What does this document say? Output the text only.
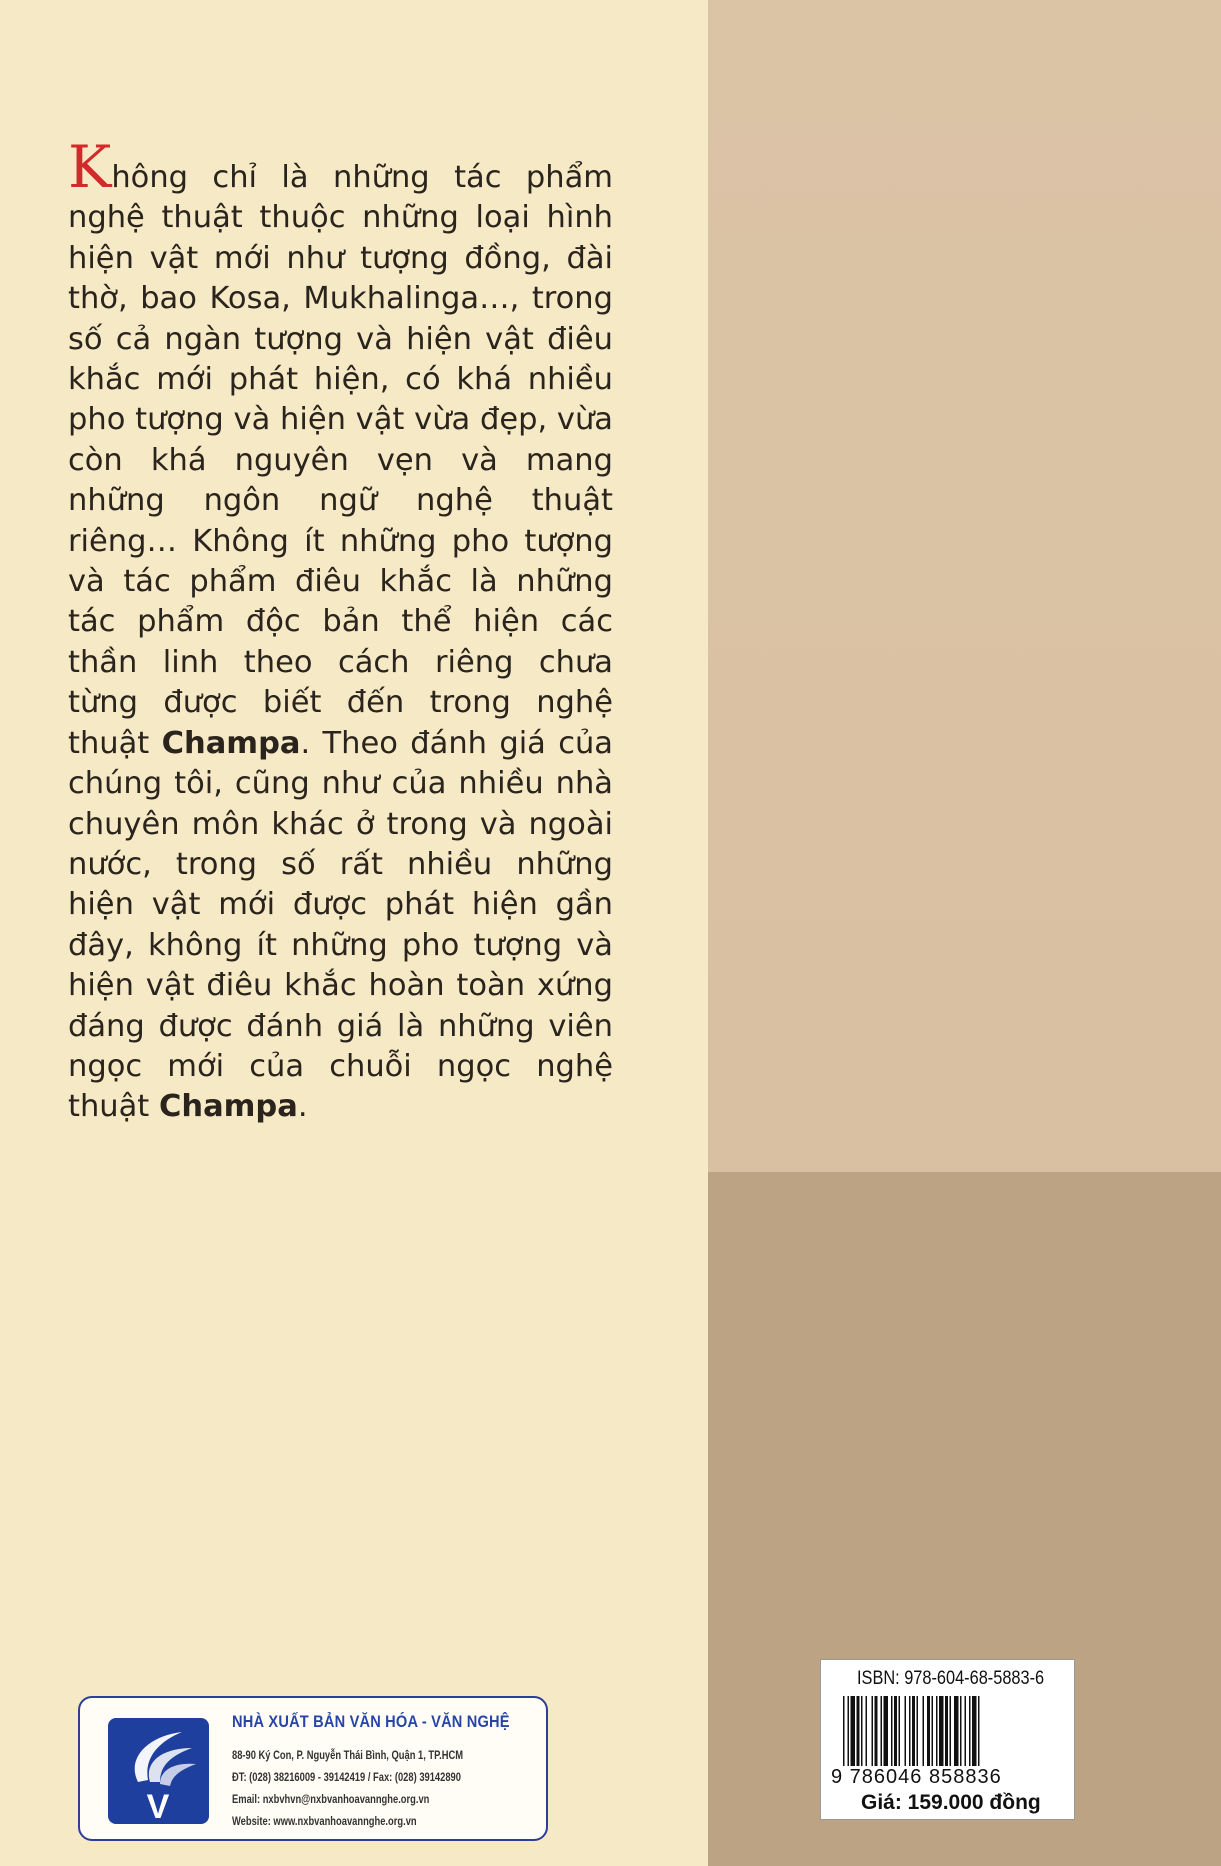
Không chỉ là những tác phẩm nghệ thuật thuộc những loại hình hiện vật mới như tượng đồng, đài thờ, bao Kosa, Mukhalinga…, trong số cả ngàn tượng và hiện vật điêu khắc mới phát hiện, có khá nhiều pho tượng và hiện vật vừa đẹp, vừa còn khá nguyên vẹn và mang những ngôn ngữ nghệ thuật riêng… Không ít những pho tượng và tác phẩm điêu khắc là những tác phẩm độc bản thể hiện các thần linh theo cách riêng chưa từng được biết đến trong nghệ thuật Champa. Theo đánh giá của chúng tôi, cũng như của nhiều nhà chuyên môn khác ở trong và ngoài nước, trong số rất nhiều những hiện vật mới được phát hiện gần đây, không ít những pho tượng và hiện vật điêu khắc hoàn toàn xứng đáng được đánh giá là những viên ngọc mới của chuỗi ngọc nghệ thuật Champa.
V
NHÀ XUẤT BẢN VĂN HÓA - VĂN NGHỆ
88-90 Ký Con, P. Nguyễn Thái Bình, Quận 1, TP.HCM
ĐT: (028) 38216009 - 39142419 / Fax: (028) 39142890
Email: nxbvhvn@nxbvanhoavannghe.org.vn
Website: www.nxbvanhoavannghe.org.vn
ISBN: 978-604-68-5883-6
9 786046 858836
Giá: 159.000 đồng
